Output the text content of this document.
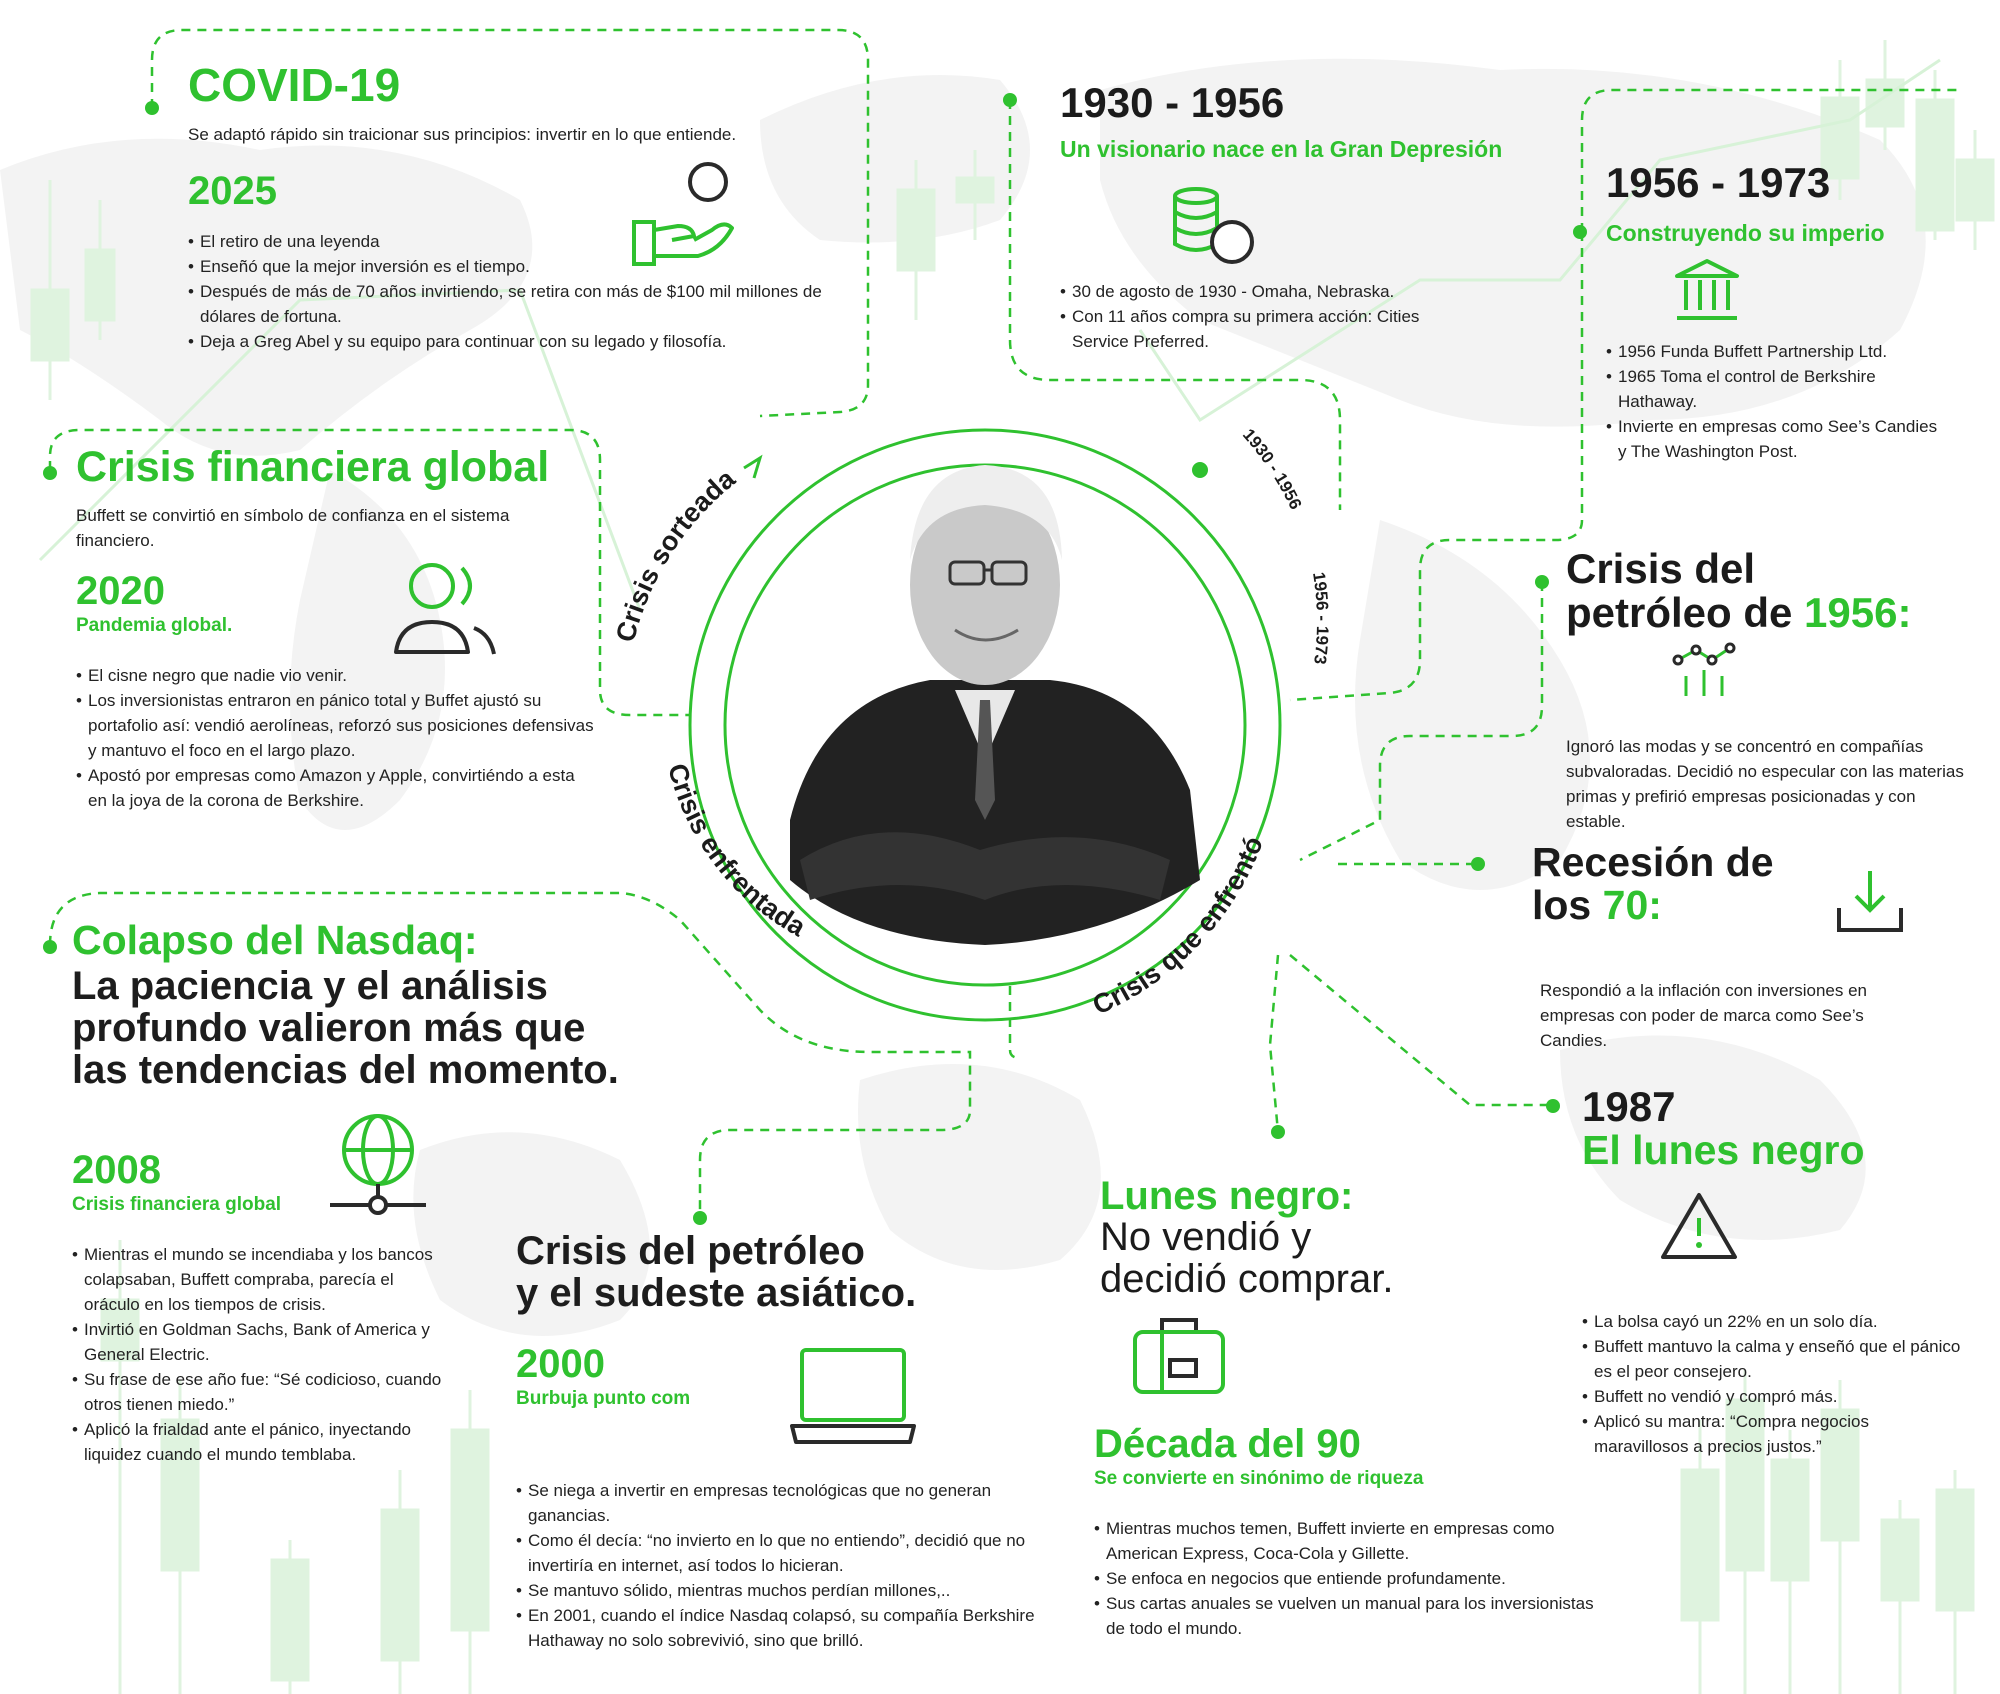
Crisis sorteada
Crisis enfrentada
Crisis que enfrentó
1930 - 1956
1956 - 1973
COVID-19

Se adaptó rápido sin traicionar sus principios: invertir en lo que entiende.

2025
• El retiro de una leyenda
• Enseñó que la mejor inversión es el tiempo.
• Después de más de 70 años invirtiendo, se retira con más de $100 mil millones de dólares de fortuna.
• Deja a Greg Abel y su equipo para continuar con su legado y filosofía.
Crisis financiera global

Buffett se convirtió en símbolo de confianza en el sistema financiero.

2020
Pandemia global.
• El cisne negro que nadie vio venir.
• Los inversionistas entraron en pánico total y Buffet ajustó su portafolio así: vendió aerolíneas, reforzó sus posiciones defensivas y mantuvo el foco en el largo plazo.
• Apostó por empresas como Amazon y Apple, convirtiéndo a esta en la joya de la corona de Berkshire.
Colapso del Nasdaq:
La paciencia y el análisis
profundo valieron más que
las tendencias del momento.
2008
Crisis financiera global
• Mientras el mundo se incendiaba y los bancos colapsaban, Buffett compraba, parecía el oráculo en los tiempos de crisis.
• Invirtió en Goldman Sachs, Bank of America y General Electric.
• Su frase de ese año fue: “Sé codicioso, cuando otros tienen miedo.”
• Aplicó la frialdad ante el pánico, inyectando liquidez cuando el mundo temblaba.
Crisis del petróleo
y el sudeste asiático.
2000
Burbuja punto com
• Se niega a invertir en empresas tecnológicas que no generan ganancias.
• Como él decía: “no invierto en lo que no entiendo”, decidió que no invertiría en internet, así todos lo hicieran.
• Se mantuvo sólido, mientras muchos perdían millones,..
• En 2001, cuando el índice Nasdaq colapsó, su compañía Berkshire Hathaway no solo sobrevivió, sino que brilló.
Lunes negro:
No vendió y
decidió comprar.
Década del 90
Se convierte en sinónimo de riqueza
• Mientras muchos temen, Buffett invierte en empresas como American Express, Coca-Cola y Gillette.
• Se enfoca en negocios que entiende profundamente.
• Sus cartas anuales se vuelven un manual para los inversionistas de todo el mundo.
1930 - 1956
Un visionario nace en la Gran Depresión
• 30 de agosto de 1930 - Omaha, Nebraska.
• Con 11 años compra su primera acción: Cities Service Preferred.
1956 - 1973
Construyendo su imperio
• 1956 Funda Buffett Partnership Ltd.
• 1965 Toma el control de Berkshire Hathaway.
• Invierte en empresas como See’s Candies y The Washington Post.
Crisis del
petróleo de 1956:

Ignoró las modas y se concentró en compañías subvaloradas. Decidió no especular con las materias primas y prefirió empresas posicionadas y con estable.

Recesión de
los 70:

Respondió a la inflación con inversiones en empresas con poder de marca como See’s Candies.

1987
El lunes negro
• La bolsa cayó un 22% en un solo día.
• Buffett mantuvo la calma y enseñó que el pánico es el peor consejero.
• Buffett no vendió y compró más.
• Aplicó su mantra: “Compra negocios maravillosos a precios justos.”
